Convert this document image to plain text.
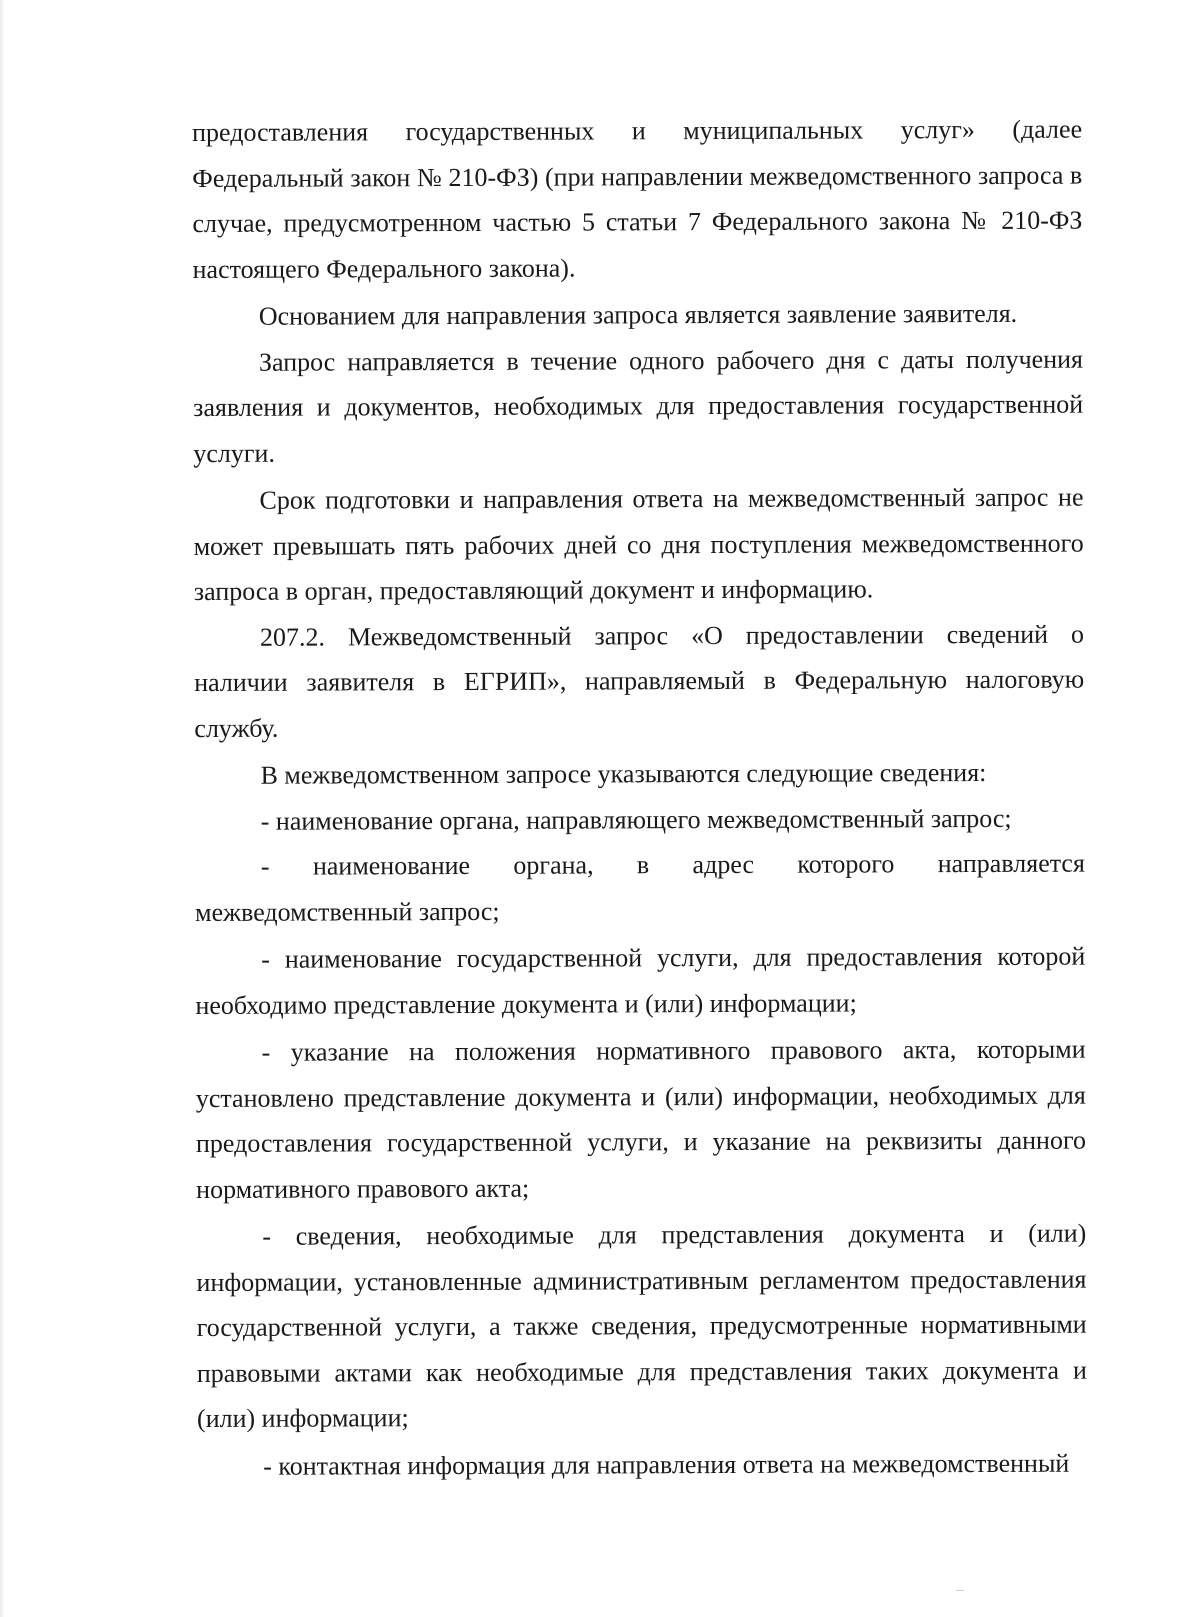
предоставления государственных и муниципальных услуг» (далее Федеральный закон № 210-ФЗ) (при направлении межведомственного запроса в случае, предусмотренном частью 5 статьи 7 Федерального закона № 210-ФЗ настоящего Федерального закона).

Основанием для направления запроса является заявление заявителя.

Запрос направляется в течение одного рабочего дня с даты получения заявления и документов, необходимых для предоставления государственной услуги.

Срок подготовки и направления ответа на межведомственный запрос не может превышать пять рабочих дней со дня поступления межведомственного запроса в орган, предоставляющий документ и информацию.

207.2. Межведомственный запрос «О предоставлении сведений о наличии заявителя в ЕГРИП», направляемый в Федеральную налоговую службу.

В межведомственном запросе указываются следующие сведения:

- наименование органа, направляющего межведомственный запрос;

- наименование органа, в адрес которого направляется межведомственный запрос;

- наименование государственной услуги, для предоставления которой необходимо представление документа и (или) информации;

- указание на положения нормативного правового акта, которыми установлено представление документа и (или) информации, необходимых для предоставления государственной услуги, и указание на реквизиты данного нормативного правового акта;

- сведения, необходимые для представления документа и (или) информации, установленные административным регламентом предоставления государственной услуги, а также сведения, предусмотренные нормативными правовыми актами как необходимые для представления таких документа и (или) информации;

- контактная информация для направления ответа на межведомственный
